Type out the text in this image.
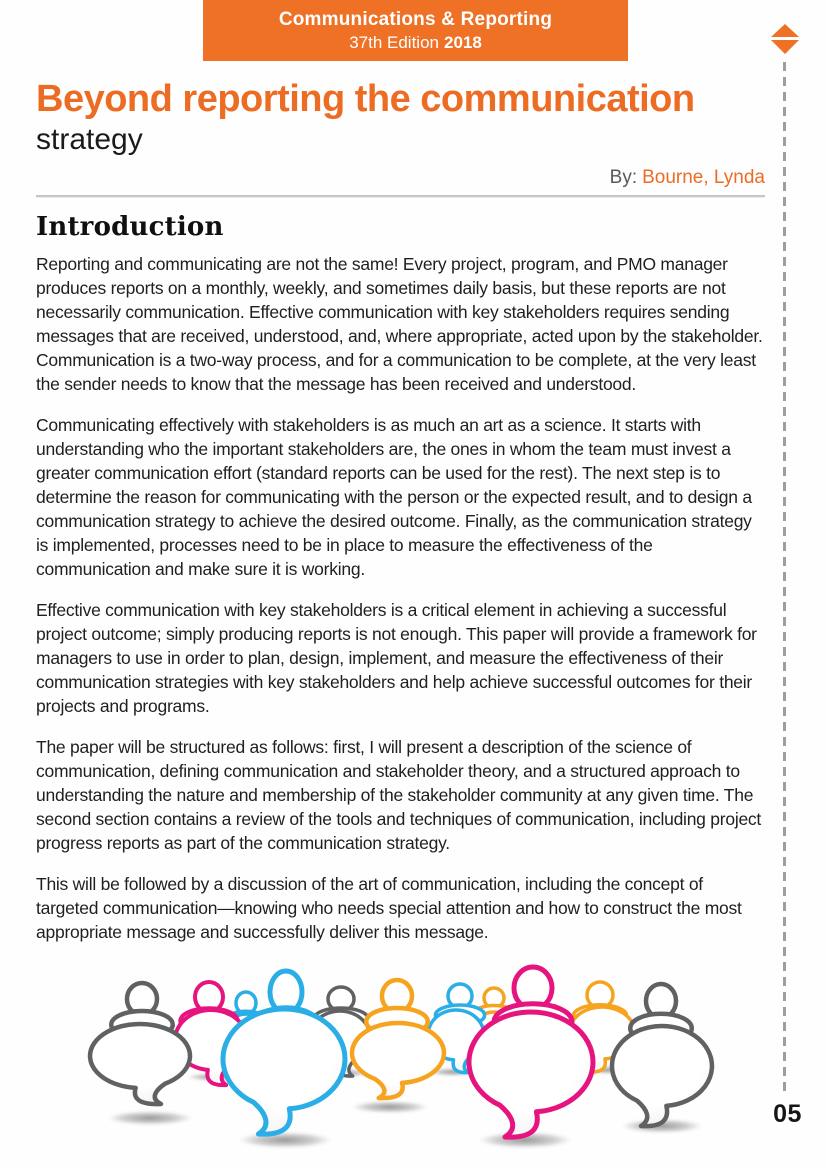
Communications & Reporting
37th Edition 2018
Beyond reporting the communication
strategy
By: Bourne, Lynda
Introduction

Reporting and communicating are not the same! Every project, program, and PMO manager produces reports on a monthly, weekly, and sometimes daily basis, but these reports are not necessarily communication. Effective communication with key stakeholders requires sending messages that are received, understood, and, where appropriate, acted upon by the stakeholder. Communication is a two-way process, and for a communication to be complete, at the very least the sender needs to know that the message has been received and understood.

Communicating effectively with stakeholders is as much an art as a science. It starts with understanding who the important stakeholders are, the ones in whom the team must invest a greater communication effort (standard reports can be used for the rest). The next step is to determine the reason for communicating with the person or the expected result, and to design a communication strategy to achieve the desired outcome. Finally, as the communication strategy is implemented, processes need to be in place to measure the effectiveness of the communication and make sure it is working.

Effective communication with key stakeholders is a critical element in achieving a successful project outcome; simply producing reports is not enough. This paper will provide a framework for managers to use in order to plan, design, implement, and measure the effectiveness of their communication strategies with key stakeholders and help achieve successful outcomes for their projects and programs.

The paper will be structured as follows: first, I will present a description of the science of communication, defining communication and stakeholder theory, and a structured approach to understanding the nature and membership of the stakeholder community at any given time. The second section contains a review of the tools and techniques of communication, including project progress reports as part of the communication strategy.

This will be followed by a discussion of the art of communication, including the concept of targeted communication—knowing who needs special attention and how to construct the most appropriate message and successfully deliver this message.

05
